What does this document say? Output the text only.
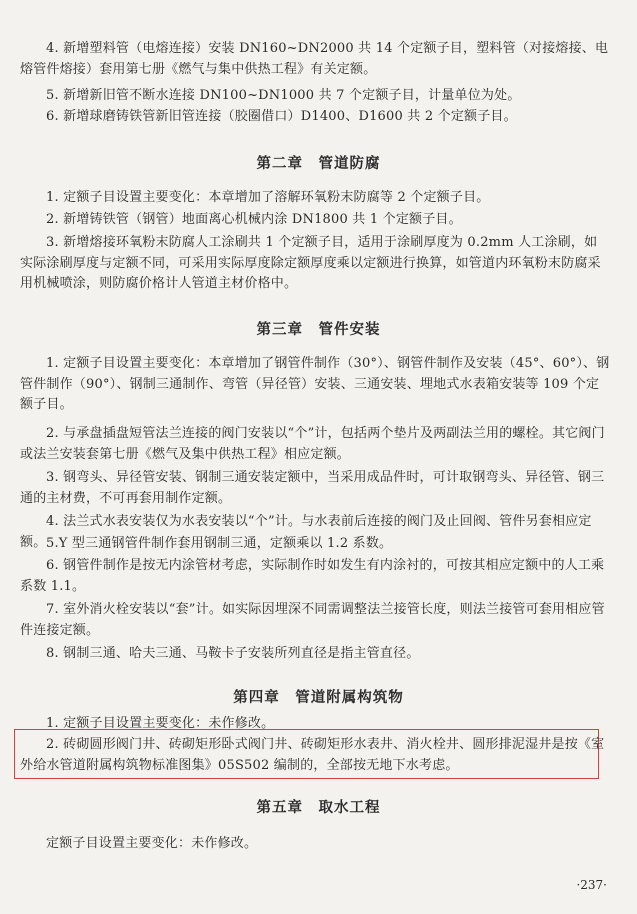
4. 新增塑料管（电熔连接）安装 DN160~DN2000 共 14 个定额子目，塑料管（对接熔接、电熔管件熔接）套用第七册《燃气与集中供热工程》有关定额。

5. 新增新旧管不断水连接 DN100~DN1000 共 7 个定额子目，计量单位为处。

6. 新增球磨铸铁管新旧管连接（胶圈借口）D1400、D1600 共 2 个定额子目。

第二章　管道防腐

1. 定额子目设置主要变化：本章增加了溶解环氧粉末防腐等 2 个定额子目。

2. 新增铸铁管（钢管）地面离心机械内涂 DN1800 共 1 个定额子目。

3. 新增熔接环氧粉末防腐人工涂刷共 1 个定额子目，适用于涂刷厚度为 0.2mm 人工涂刷，如实际涂刷厚度与定额不同，可采用实际厚度除定额厚度乘以定额进行换算，如管道内环氧粉末防腐采用机械喷涂，则防腐价格计人管道主材价格中。

第三章　管件安装

1. 定额子目设置主要变化：本章增加了钢管件制作（30°）、钢管件制作及安装（45°、60°）、钢管件制作（90°）、钢制三通制作、弯管（异径管）安装、三通安装、埋地式水表箱安装等 109 个定额子目。

2. 与承盘插盘短管法兰连接的阀门安装以“个”计，包括两个垫片及两副法兰用的螺栓。其它阀门或法兰安装套第七册《燃气及集中供热工程》相应定额。

3. 钢弯头、异径管安装、钢制三通安装定额中，当采用成品件时，可计取钢弯头、异径管、钢三通的主材费，不可再套用制作定额。

4. 法兰式水表安装仅为水表安装以“个”计。与水表前后连接的阀门及止回阀、管件另套相应定额。 5.Y 型三通钢管件制作套用钢制三通，定额乘以 1.2 系数。

6. 钢管件制作是按无内涂管材考虑，实际制作时如发生有内涂衬的，可按其相应定额中的人工乘系数 1.1。

7. 室外消火栓安装以“套”计。如实际因埋深不同需调整法兰接管长度，则法兰接管可套用相应管件连接定额。

8. 钢制三通、哈夫三通、马鞍卡子安装所列直径是指主管直径。

第四章　管道附属构筑物

1. 定额子目设置主要变化：未作修改。

2. 砖砌圆形阀门井、砖砌矩形卧式阀门井、砖砌矩形水表井、消火栓井、圆形排泥湿井是按《室外给水管道附属构筑物标准图集》05S502 编制的，全部按无地下水考虑。

第五章　取水工程

定额子目设置主要变化：未作修改。

·237·
